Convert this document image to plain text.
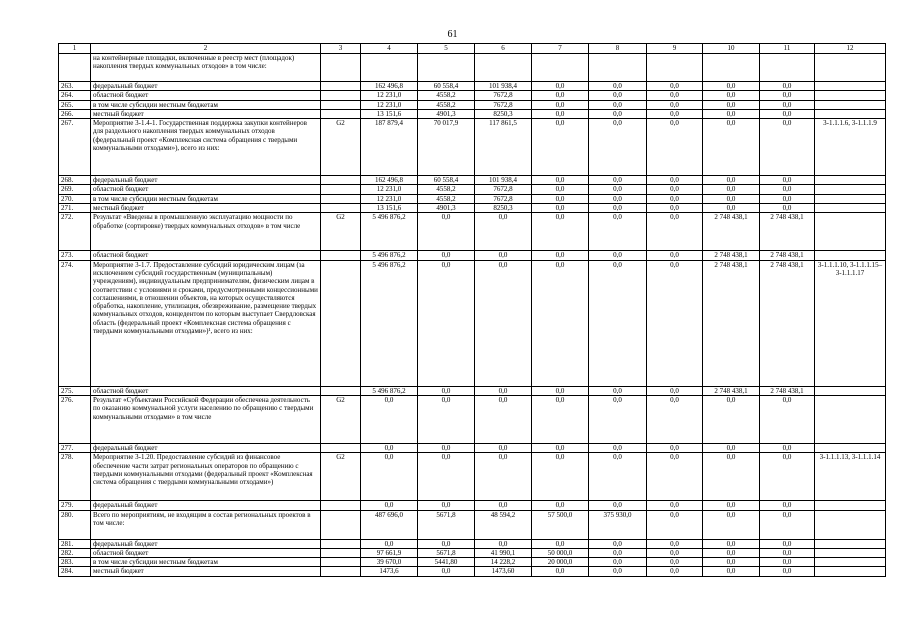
61
1	2	3	4	5	6	7	8	9	10	11	12
	на контейнерные площадки, включенные в реестр мест (площадок) накопления твердых коммунальных отходов» в том числе:										
263.	федеральный бюджет		162 496,8	60 558,4	101 938,4	0,0	0,0	0,0	0,0	0,0	
264.	областной бюджет		12 231,0	4558,2	7672,8	0,0	0,0	0,0	0,0	0,0	
265.	в том числе субсидии местным бюджетам		12 231,0	4558,2	7672,8	0,0	0,0	0,0	0,0	0,0	
266.	местный бюджет		13 151,6	4901,3	8250,3	0,0	0,0	0,0	0,0	0,0	
267.	Мероприятие 3-1.4-1. Государственная поддержка закупки контейнеров для раздельного накопления твердых коммунальных отходов (федеральный проект «Комплексная система обращения с твердыми коммунальными отходами»), всего из них:	G2	187 879,4	70 017,9	117 861,5	0,0	0,0	0,0	0,0	0,0	3-1.1.1.6, 3-1.1.1.9
268.	федеральный бюджет		162 496,8	60 558,4	101 938,4	0,0	0,0	0,0	0,0	0,0	
269.	областной бюджет		12 231,0	4558,2	7672,8	0,0	0,0	0,0	0,0	0,0	
270.	в том числе субсидии местным бюджетам		12 231,0	4558,2	7672,8	0,0	0,0	0,0	0,0	0,0	
271.	местный бюджет		13 151,6	4901,3	8250,3	0,0	0,0	0,0	0,0	0,0	
272.	Результат «Введены в промышленную эксплуатацию мощности по обработке (сортировке) твердых коммунальных отходов» в том числе	G2	5 496 876,2	0,0	0,0	0,0	0,0	0,0	2 748 438,1	2 748 438,1	
273.	областной бюджет		5 496 876,2	0,0	0,0	0,0	0,0	0,0	2 748 438,1	2 748 438,1	
274.	Мероприятие 3-1.7. Предоставление субсидий юридическим лицам (за исключением субсидий государственным (муниципальным) учреждениям), индивидуальным предпринимателям, физическим лицам в соответствии с условиями и сроками, предусмотренными концессионными соглашениями, в отношении объектов, на которых осуществляются обработка, накопление, утилизация, обезвреживание, размещение твердых коммунальных отходов, концедентом по которым выступает Свердловская область (федеральный проект «Комплексная система обращения с твердыми коммунальными отходами»)¹, всего из них:		5 496 876,2	0,0	0,0	0,0	0,0	0,0	2 748 438,1	2 748 438,1	3-1.1.1.10, 3-1.1.1.15– 3-1.1.1.17
275.	областной бюджет		5 496 876,2	0,0	0,0	0,0	0,0	0,0	2 748 438,1	2 748 438,1	
276.	Результат «Субъектами Российской Федерации обеспечена деятельность по оказанию коммунальной услуги населению по обращению с твердыми коммунальными отходами» в том числе	G2	0,0	0,0	0,0	0,0	0,0	0,0	0,0	0,0	
277.	федеральный бюджет		0,0	0,0	0,0	0,0	0,0	0,0	0,0	0,0	
278.	Мероприятие 3-1.20. Предоставление субсидий из финансовое обеспечение части затрат региональных операторов по обращению с твердыми коммунальными отходами (федеральный проект «Комплексная система обращения с твердыми коммунальными отходами»)	G2	0,0	0,0	0,0	0,0	0,0	0,0	0,0	0,0	3-1.1.1.13, 3-1.1.1.14
279.	федеральный бюджет		0,0	0,0	0,0	0,0	0,0	0,0	0,0	0,0	
280.	Всего по мероприятиям, не входящим в состав региональных проектов в том числе:		487 696,0	5671,8	48 594,2	57 500,0	375 930,0	0,0	0,0	0,0	
281.	федеральный бюджет		0,0	0,0	0,0	0,0	0,0	0,0	0,0	0,0	
282.	областной бюджет		97 661,9	5671,8	41 990,1	50 000,0	0,0	0,0	0,0	0,0	
283.	в том числе субсидии местным бюджетам		39 670,0	5441,80	14 228,2	20 000,0	0,0	0,0	0,0	0,0	
284.	местный бюджет		1473,6	0,0	1473,60	0,0	0,0	0,0	0,0	0,0	
